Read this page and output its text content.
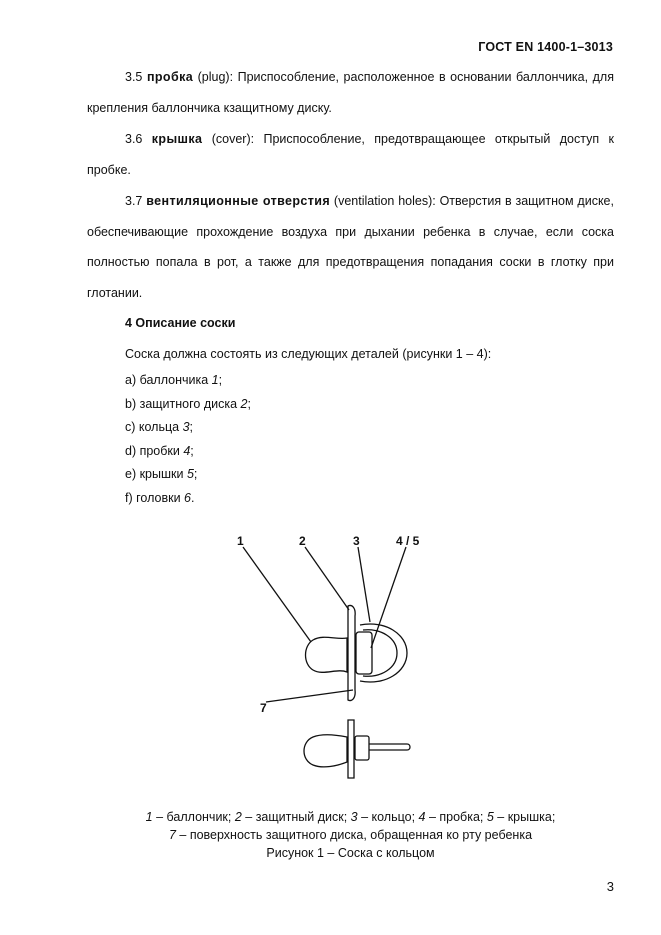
ГОСТ EN 1400-1–3013

3.5 пробка (plug): Приспособление, расположенное в основании баллончика, для крепления баллончика кзащитному диску.

3.6 крышка (cover): Приспособление, предотвращающее открытый доступ к пробке.

3.7 вентиляционные отверстия (ventilation holes): Отверстия в защитном диске, обеспечивающие прохождение воздуха при дыхании ребенка в случае, если соска полностью попала в рот, а также для предотвращения попадания соски в глотку при глотании.

4 Описание соски
Соска должна состоять из следующих деталей (рисунки 1 – 4):
a) баллончика 1;
b) защитного диска 2;
c) кольца 3;
d) пробки 4;
e) крышки 5;
f) головки 6.
1	2	3	4 / 5
7
1 – баллончик; 2 – защитный диск; 3 – кольцо; 4 – пробка; 5 – крышка;
7 – поверхность защитного диска, обращенная ко рту ребенка
Рисунок 1 – Соска с кольцом
3
